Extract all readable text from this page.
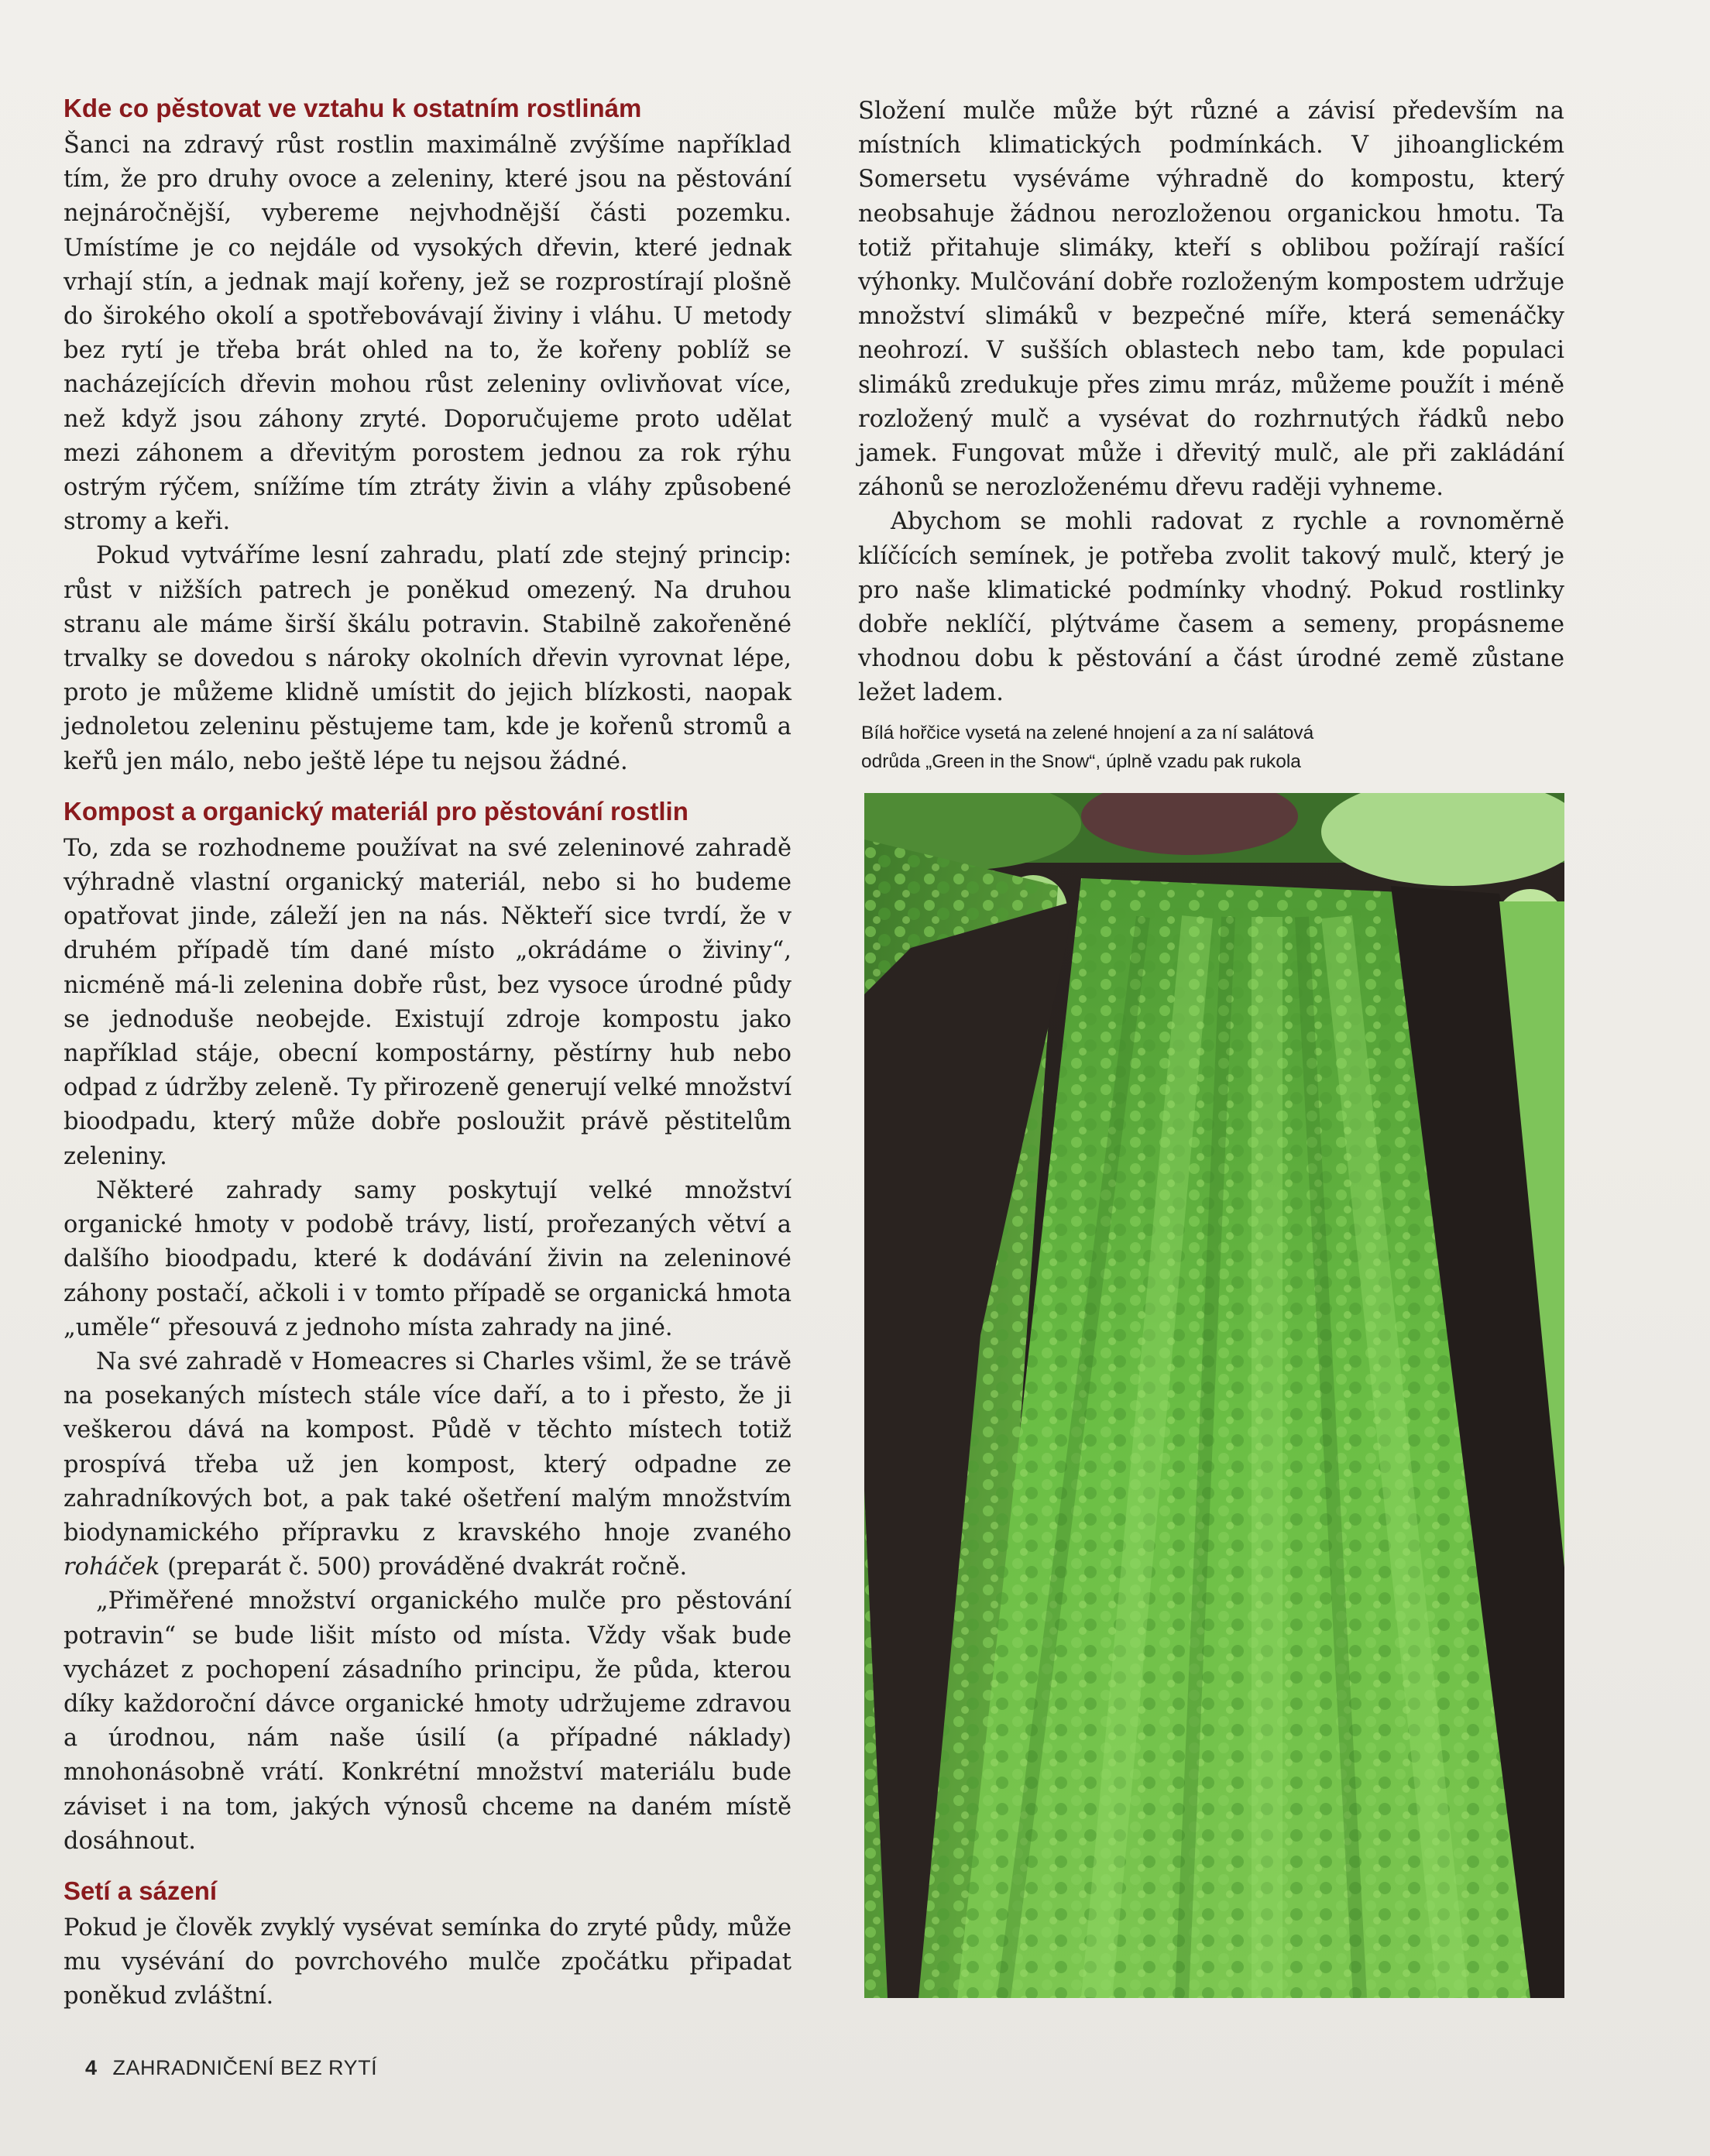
Kde co pěstovat ve vztahu k ostatním rostlinám

Šanci na zdravý růst rostlin maximálně zvýšíme například tím, že pro druhy ovoce a zeleniny, které jsou na pěstování nejnáročnější, vybereme nejvhodnější části pozemku. Umístíme je co nejdále od vysokých dřevin, které jednak vrhají stín, a jednak mají kořeny, jež se rozprostírají plošně do širokého okolí a spotřebovávají živiny i vláhu. U metody bez rytí je třeba brát ohled na to, že kořeny poblíž se nacházejících dřevin mohou růst zeleniny ovlivňovat více, než když jsou záhony zryté. Doporučujeme proto udělat mezi záhonem a dřevitým porostem jednou za rok rýhu ostrým rýčem, snížíme tím ztráty živin a vláhy způsobené stromy a keři.

Pokud vytváříme lesní zahradu, platí zde stejný princip: růst v nižších patrech je poněkud omezený. Na druhou stranu ale máme širší škálu potravin. Stabilně zakořeněné trvalky se dovedou s nároky okolních dřevin vyrovnat lépe, proto je můžeme klidně umístit do jejich blízkosti, naopak jednoletou zeleninu pěstujeme tam, kde je kořenů stromů a keřů jen málo, nebo ještě lépe tu nejsou žádné.

Kompost a organický materiál pro pěstování rostlin

To, zda se rozhodneme používat na své zeleninové zahradě výhradně vlastní organický materiál, nebo si ho budeme opatřovat jinde, záleží jen na nás. Někteří sice tvrdí, že v druhém případě tím dané místo „okrádáme o živiny“, nicméně má-li zelenina dobře růst, bez vysoce úrodné půdy se jednoduše neobejde. Existují zdroje kompostu jako například stáje, obecní kompostárny, pěstírny hub nebo odpad z údržby zeleně. Ty přirozeně generují velké množství bioodpadu, který může dobře posloužit právě pěstitelům zeleniny.

Některé zahrady samy poskytují velké množství organické hmoty v podobě trávy, listí, prořezaných větví a dalšího bioodpadu, které k dodávání živin na zeleninové záhony postačí, ačkoli i v tomto případě se organická hmota „uměle“ přesouvá z jednoho místa zahrady na jiné.

Na své zahradě v Homeacres si Charles všiml, že se trávě na posekaných místech stále více daří, a to i přesto, že ji veškerou dává na kompost. Půdě v těchto místech totiž prospívá třeba už jen kompost, který odpadne ze zahradníkových bot, a pak také ošetření malým množstvím biodynamického přípravku z kravského hnoje zvaného roháček (preparát č. 500) prováděné dvakrát ročně.

„Přiměřené množství organického mulče pro pěstování potravin“ se bude lišit místo od místa. Vždy však bude vycházet z pochopení zásadního principu, že půda, kterou díky každoroční dávce organické hmoty udržujeme zdravou a úrodnou, nám naše úsilí (a případné náklady) mnohonásobně vrátí. Konkrétní množství materiálu bude záviset i na tom, jakých výnosů chceme na daném místě dosáhnout.

Setí a sázení

Pokud je člověk zvyklý vysévat semínka do zryté půdy, může mu vysévání do povrchového mulče zpočátku připadat poněkud zvláštní.

Složení mulče může být různé a závisí především na místních klimatických podmínkách. V jihoanglickém Somersetu vyséváme výhradně do kompostu, který neobsahuje žádnou nerozloženou organickou hmotu. Ta totiž přitahuje slimáky, kteří s oblibou požírají rašící výhonky. Mulčování dobře rozloženým kompostem udržuje množství slimáků v bezpečné míře, která semenáčky neohrozí. V sušších oblastech nebo tam, kde populaci slimáků zredukuje přes zimu mráz, můžeme použít i méně rozložený mulč a vysévat do rozhrnutých řádků nebo jamek. Fungovat může i dřevitý mulč, ale při zakládání záhonů se nerozloženému dřevu raději vyhneme.

Abychom se mohli radovat z rychle a rovnoměrně klíčících semínek, je potřeba zvolit takový mulč, který je pro naše klimatické podmínky vhodný. Pokud rostlinky dobře neklíčí, plýtváme časem a semeny, propásneme vhodnou dobu k pěstování a část úrodné země zůstane ležet ladem.

Bílá hořčice vysetá na zelené hnojení a za ní salátová
odrůda „Green in the Snow“, úplně vzadu pak rukola
4 ZAHRADNIČENÍ BEZ RYTÍ
